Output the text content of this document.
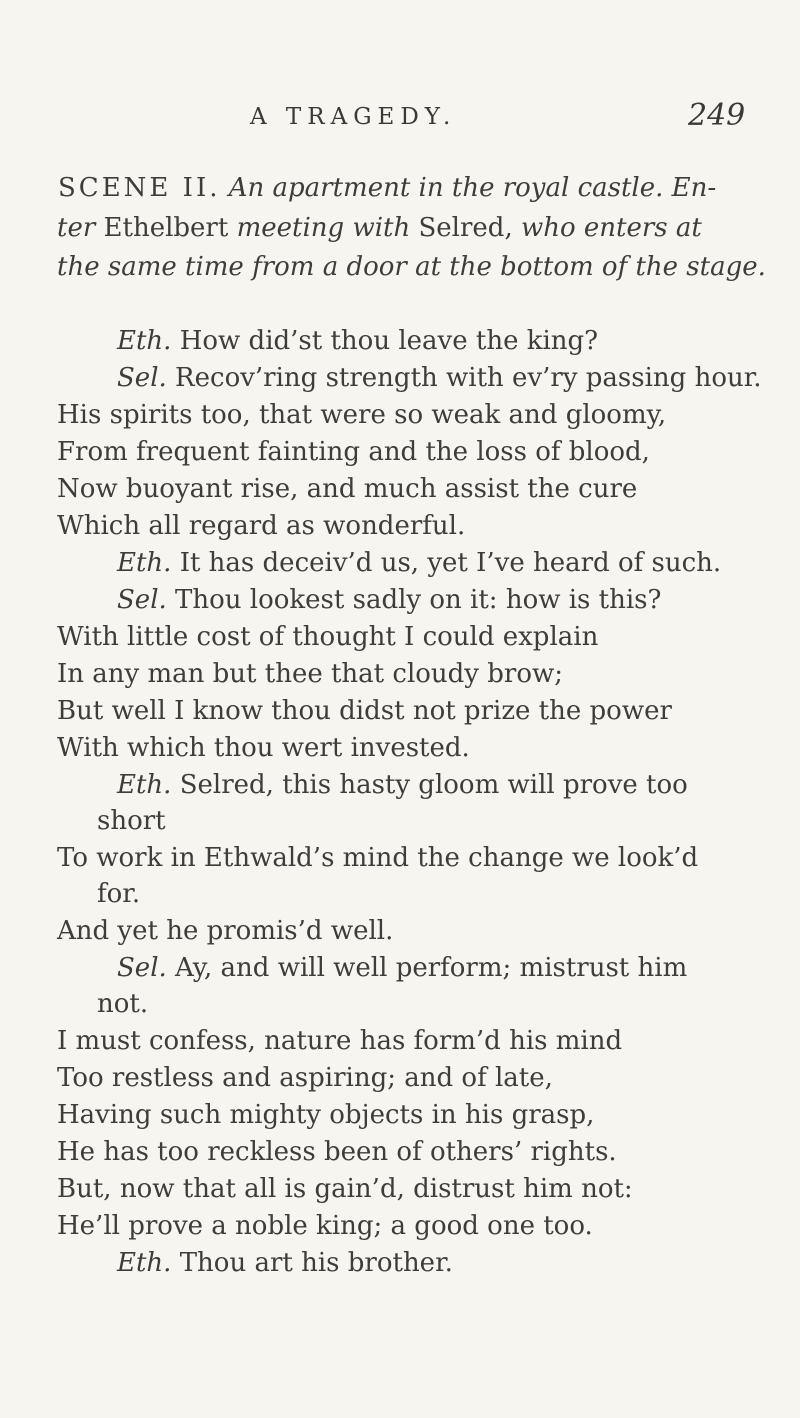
A TRAGEDY.	249
SCENE II. An apartment in the royal castle. En-
ter Ethelbert meeting with Selred, who enters at
the same time from a door at the bottom of the stage.
Eth. How did’st thou leave the king?
Sel. Recov’ring strength with ev’ry passing hour.
His spirits too, that were so weak and gloomy,
From frequent fainting and the loss of blood,
Now buoyant rise, and much assist the cure
Which all regard as wonderful.
Eth. It has deceiv’d us, yet I’ve heard of such.
Sel. Thou lookest sadly on it: how is this?
With little cost of thought I could explain
In any man but thee that cloudy brow;
But well I know thou didst not prize the power
With which thou wert invested.
Eth. Selred, this hasty gloom will prove too
short
To work in Ethwald’s mind the change we look’d
for.
And yet he promis’d well.
Sel. Ay, and will well perform; mistrust him
not.
I must confess, nature has form’d his mind
Too restless and aspiring; and of late,
Having such mighty objects in his grasp,
He has too reckless been of others’ rights.
But, now that all is gain’d, distrust him not:
He’ll prove a noble king; a good one too.
Eth. Thou art his brother.
